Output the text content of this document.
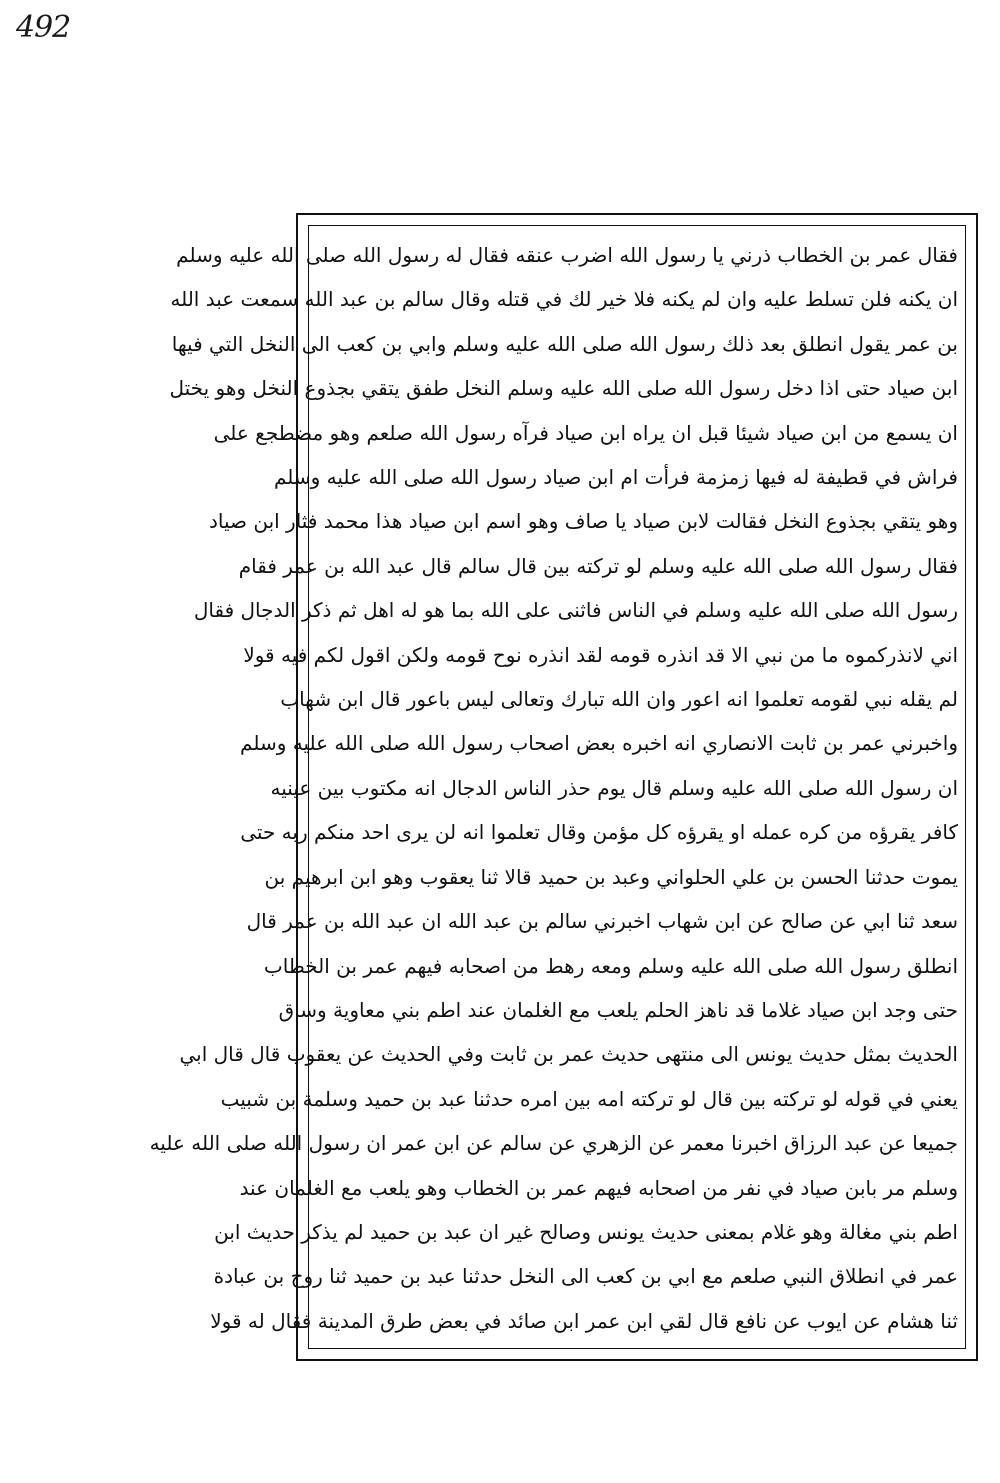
492
فقال عمر بن الخطاب ذرني يا رسول الله اضرب عنقه فقال له رسول الله صلى الله عليه وسلم
ان يكنه فلن تسلط عليه وان لم يكنه فلا خير لك في قتله وقال سالم بن عبد الله سمعت عبد الله
بن عمر يقول انطلق بعد ذلك رسول الله صلى الله عليه وسلم وابي بن كعب الى النخل التي فيها
ابن صياد حتى اذا دخل رسول الله صلى الله عليه وسلم النخل طفق يتقي بجذوع النخل وهو يختل
ان يسمع من ابن صياد شيئا قبل ان يراه ابن صياد فرآه رسول الله صلعم وهو مضطجع على
فراش في قطيفة له فيها زمزمة فرأت ام ابن صياد رسول الله صلى الله عليه وسلم
وهو يتقي بجذوع النخل فقالت لابن صياد يا صاف وهو اسم ابن صياد هذا محمد فثار ابن صياد
فقال رسول الله صلى الله عليه وسلم لو تركته بين قال سالم قال عبد الله بن عمر فقام
رسول الله صلى الله عليه وسلم في الناس فاثنى على الله بما هو له اهل ثم ذكر الدجال فقال
اني لانذركموه ما من نبي الا قد انذره قومه لقد انذره نوح قومه ولكن اقول لكم فيه قولا
لم يقله نبي لقومه تعلموا انه اعور وان الله تبارك وتعالى ليس باعور قال ابن شهاب
واخبرني عمر بن ثابت الانصاري انه اخبره بعض اصحاب رسول الله صلى الله عليه وسلم
ان رسول الله صلى الله عليه وسلم قال يوم حذر الناس الدجال انه مكتوب بين عينيه
كافر يقرؤه من كره عمله او يقرؤه كل مؤمن وقال تعلموا انه لن يرى احد منكم ربه حتى
يموت حدثنا الحسن بن علي الحلواني وعبد بن حميد قالا ثنا يعقوب وهو ابن ابرهيم بن
سعد ثنا ابي عن صالح عن ابن شهاب اخبرني سالم بن عبد الله ان عبد الله بن عمر قال
انطلق رسول الله صلى الله عليه وسلم ومعه رهط من اصحابه فيهم عمر بن الخطاب
حتى وجد ابن صياد غلاما قد ناهز الحلم يلعب مع الغلمان عند اطم بني معاوية وساق
الحديث بمثل حديث يونس الى منتهى حديث عمر بن ثابت وفي الحديث عن يعقوب قال قال ابي
يعني في قوله لو تركته بين قال لو تركته امه بين امره حدثنا عبد بن حميد وسلمة بن شبيب
جميعا عن عبد الرزاق اخبرنا معمر عن الزهري عن سالم عن ابن عمر ان رسول الله صلى الله عليه
وسلم مر بابن صياد في نفر من اصحابه فيهم عمر بن الخطاب وهو يلعب مع الغلمان عند
اطم بني مغالة وهو غلام بمعنى حديث يونس وصالح غير ان عبد بن حميد لم يذكر حديث ابن
عمر في انطلاق النبي صلعم مع ابي بن كعب الى النخل حدثنا عبد بن حميد ثنا روح بن عبادة
ثنا هشام عن ايوب عن نافع قال لقي ابن عمر ابن صائد في بعض طرق المدينة فقال له قولا
